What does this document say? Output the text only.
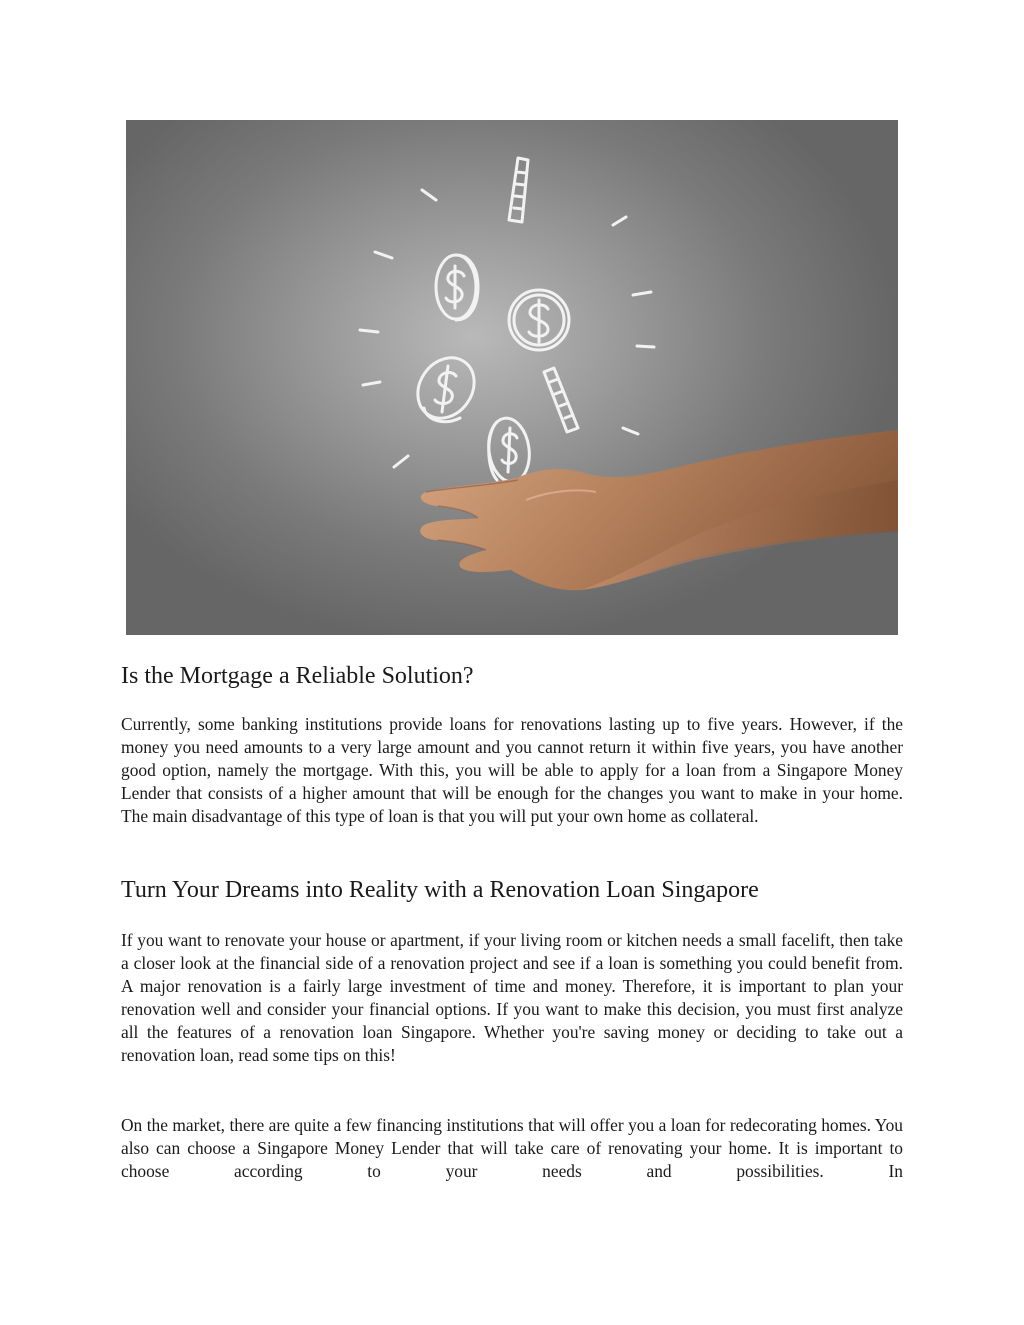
Is the Mortgage a Reliable Solution?

Currently, some banking institutions provide loans for renovations lasting up to five years. However, if the money you need amounts to a very large amount and you cannot return it within five years, you have another good option, namely the mortgage. With this, you will be able to apply for a loan from a Singapore Money Lender that consists of a higher amount that will be enough for the changes you want to make in your home. The main disadvantage of this type of loan is that you will put your own home as collateral.

Turn Your Dreams into Reality with a Renovation Loan Singapore

If you want to renovate your house or apartment, if your living room or kitchen needs a small facelift, then take a closer look at the financial side of a renovation project and see if a loan is something you could benefit from. A major renovation is a fairly large investment of time and money. Therefore, it is important to plan your renovation well and consider your financial options. If you want to make this decision, you must first analyze all the features of a renovation loan Singapore. Whether you're saving money or deciding to take out a renovation loan, read some tips on this!

On the market, there are quite a few financing institutions that will offer you a loan for redecorating homes. You also can choose a Singapore Money Lender that will take care of renovating your home. It is important to choose according to your needs and possibilities. In
